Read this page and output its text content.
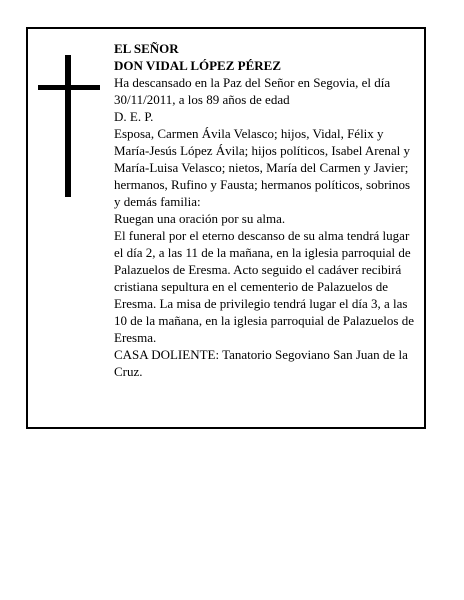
EL SEÑOR

DON VIDAL LÓPEZ PÉREZ

Ha descansado en la Paz del Señor en Segovia, el día 30/11/2011, a los 89 años de edad

D. E. P.

Esposa, Carmen Ávila Velasco; hijos, Vidal, Félix y María-Jesús López Ávila; hijos políticos, Isabel Arenal y María-Luisa Velasco; nietos, María del Carmen y Javier; hermanos, Rufino y Fausta; hermanos políticos, sobrinos y demás familia:

Ruegan una oración por su alma.

El funeral por el eterno descanso de su alma tendrá lugar el día 2, a las 11 de la mañana, en la iglesia parroquial de Palazuelos de Eresma. Acto seguido el cadáver recibirá cristiana sepultura en el cementerio de Palazuelos de Eresma. La misa de privilegio tendrá lugar el día 3, a las 10 de la mañana, en la iglesia parroquial de Palazuelos de Eresma.

CASA DOLIENTE: Tanatorio Segoviano San Juan de la Cruz.
